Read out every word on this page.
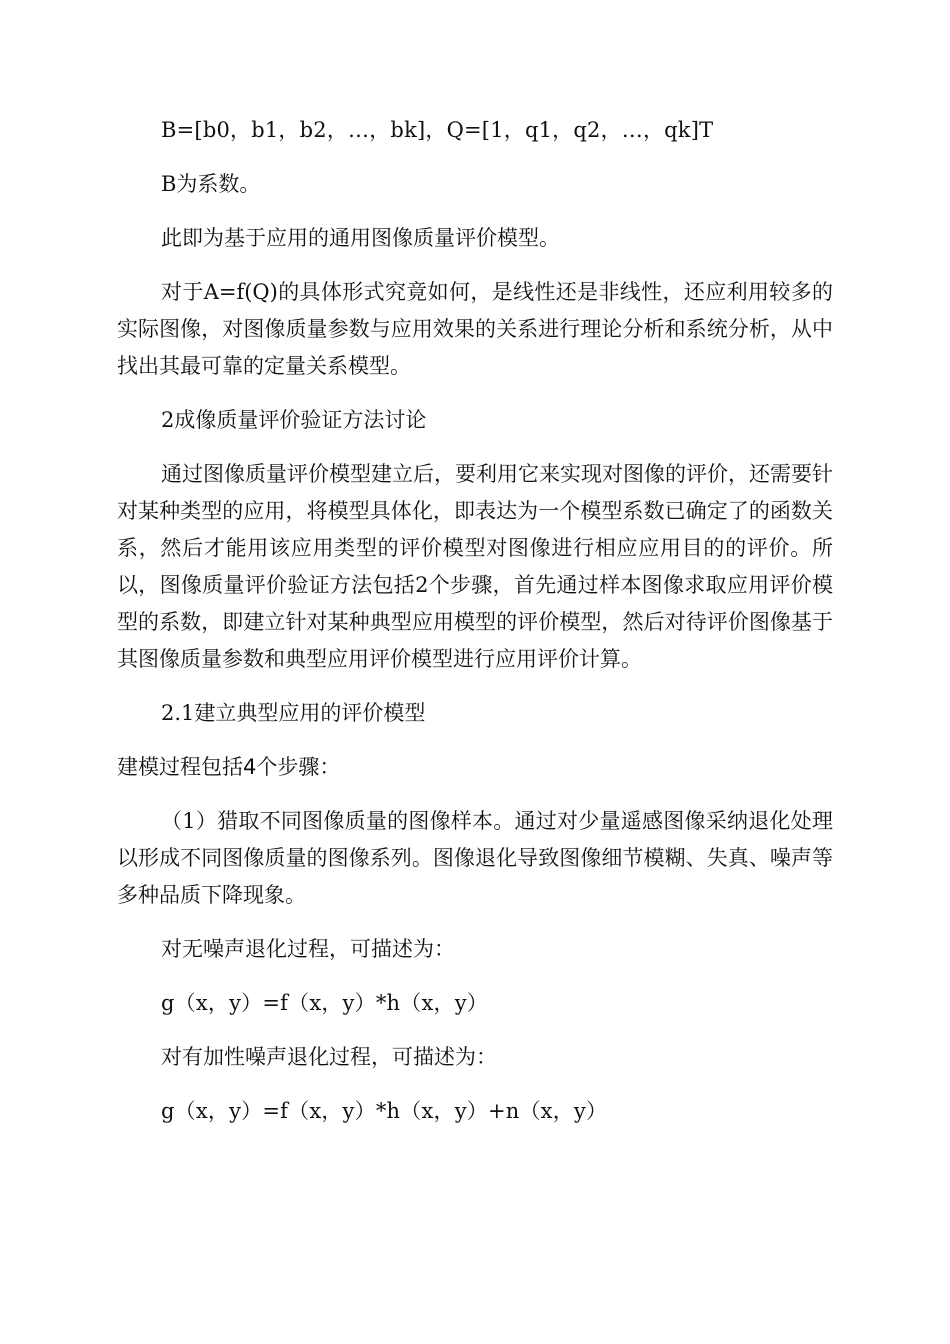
B=[b0，b1，b2，…，bk]，Q=[1，q1，q2，…，qk]T

B为系数。

此即为基于应用的通用图像质量评价模型。

对于A=f(Q)的具体形式究竟如何，是线性还是非线性，还应利用较多的实际图像，对图像质量参数与应用效果的关系进行理论分析和系统分析，从中找出其最可靠的定量关系模型。

2成像质量评价验证方法讨论

通过图像质量评价模型建立后，要利用它来实现对图像的评价，还需要针对某种类型的应用，将模型具体化，即表达为一个模型系数已确定了的函数关系，然后才能用该应用类型的评价模型对图像进行相应应用目的的评价。所以，图像质量评价验证方法包括2个步骤，首先通过样本图像求取应用评价模型的系数，即建立针对某种典型应用模型的评价模型，然后对待评价图像基于其图像质量参数和典型应用评价模型进行应用评价计算。

2.1建立典型应用的评价模型

建模过程包括4个步骤：

（1）猎取不同图像质量的图像样本。通过对少量遥感图像采纳退化处理以形成不同图像质量的图像系列。图像退化导致图像细节模糊、失真、噪声等多种品质下降现象。

对无噪声退化过程，可描述为：

g（x，y）=f（x，y）*h（x，y）

对有加性噪声退化过程，可描述为：

g（x，y）=f（x，y）*h（x，y）+n（x，y）
